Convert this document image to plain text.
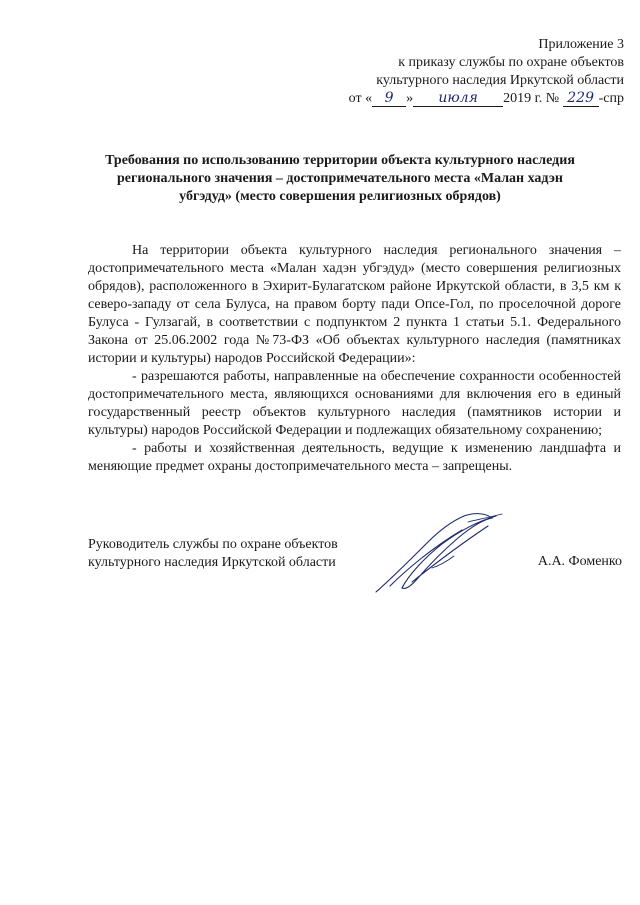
Приложение 3
к приказу службы по охране объектов
культурного наследия Иркутской области
от « 9 » июля 2019 г. № 229 -спр
Требования по использованию территории объекта культурного наследия
регионального значения – достопримечательного места «Малан хадэн
убгэдуд» (место совершения религиозных обрядов)

На территории объекта культурного наследия регионального значения – достопримечательного места «Малан хадэн убгэдуд» (место совершения религиозных обрядов), расположенного в Эхирит-Булагатском районе Иркутской области, в 3,5 км к северо-западу от села Булуса, на правом борту пади Опсе-Гол, по проселочной дороге Булуса - Гулзагай, в соответствии с подпунктом 2 пункта 1 статьи 5.1. Федерального Закона от 25.06.2002 года №73-ФЗ «Об объектах культурного наследия (памятниках истории и культуры) народов Российской Федерации»:

- разрешаются работы, направленные на обеспечение сохранности особенностей достопримечательного места, являющихся основаниями для включения его в единый государственный реестр объектов культурного наследия (памятников истории и культуры) народов Российской Федерации и подлежащих обязательному сохранению;

- работы и хозяйственная деятельность, ведущие к изменению ландшафта и меняющие предмет охраны достопримечательного места – запрещены.

Руководитель службы по охране объектов
культурного наследия Иркутской области	А.А. Фоменко
